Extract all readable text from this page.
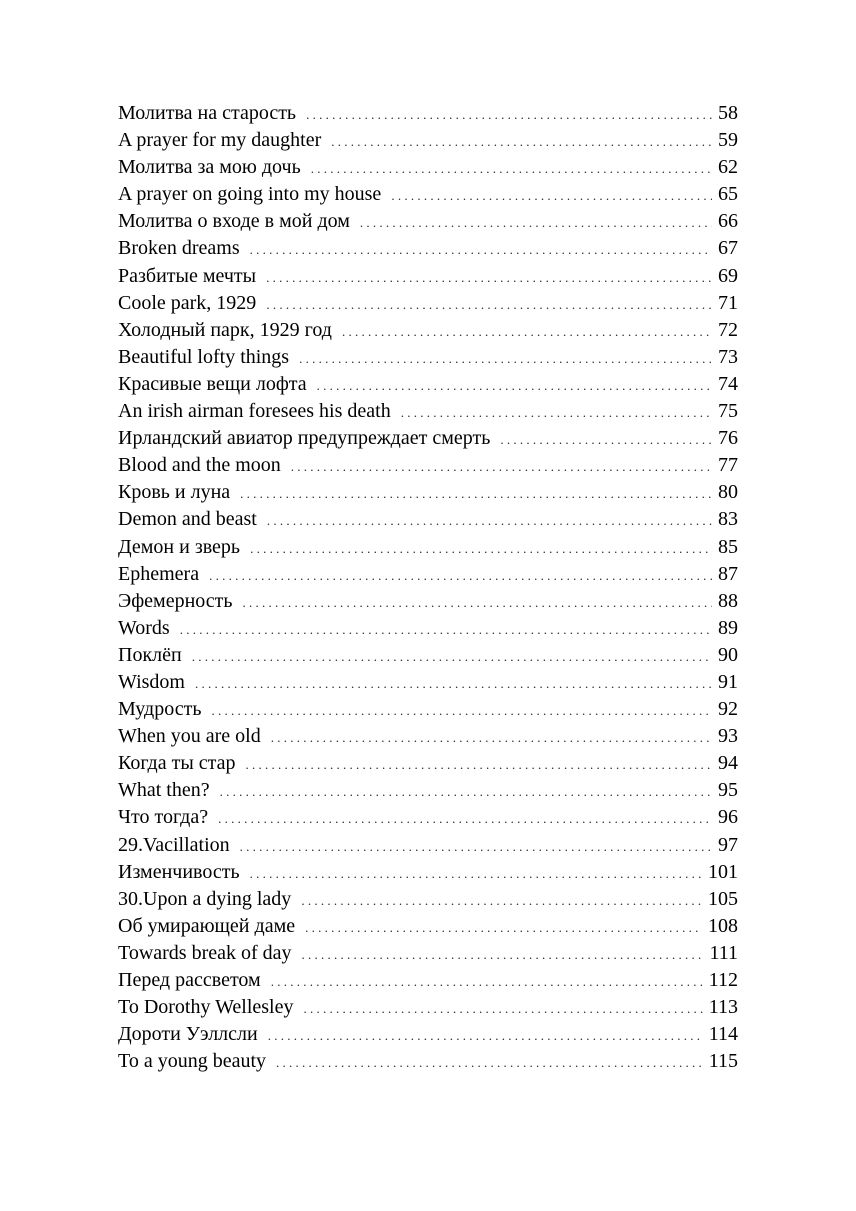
Молитва на старость . . .	58
A prayer for my daughter . . .	59
Молитва за мою дочь . . .	62
A prayer on going into my house . . .	65
Молитва о входе в мой дом . . .	66
Broken dreams . . .	67
Разбитые мечты . . .	69
Coole park, 1929 . . .	71
Холодный парк, 1929 год . . .	72
Beautiful lofty things . . .	73
Красивые вещи лофта . . .	74
An irish airman foresees his death . . .	75
Ирландский авиатор предупреждает смерть . . .	76
Blood and the moon . . .	77
Кровь и луна . . .	80
Demon and beast . . .	83
Демон и зверь . . .	85
Ephemera . . .	87
Эфемерность . . .	88
Words . . .	89
Поклёп . . .	90
Wisdom . . .	91
Мудрость . . .	92
When you are old . . .	93
Когда ты стар . . .	94
What then? . . .	95
Что тогда? . . .	96
29.Vacillation . . .	97
Изменчивость . . .	101
30.Upon a dying lady . . .	105
Об умирающей даме . . .	108
Towards break of day . . .	111
Перед рассветом . . .	112
To Dorothy Wellesley . . .	113
Дороти Уэллсли . . .	114
To a young beauty . . .	115
